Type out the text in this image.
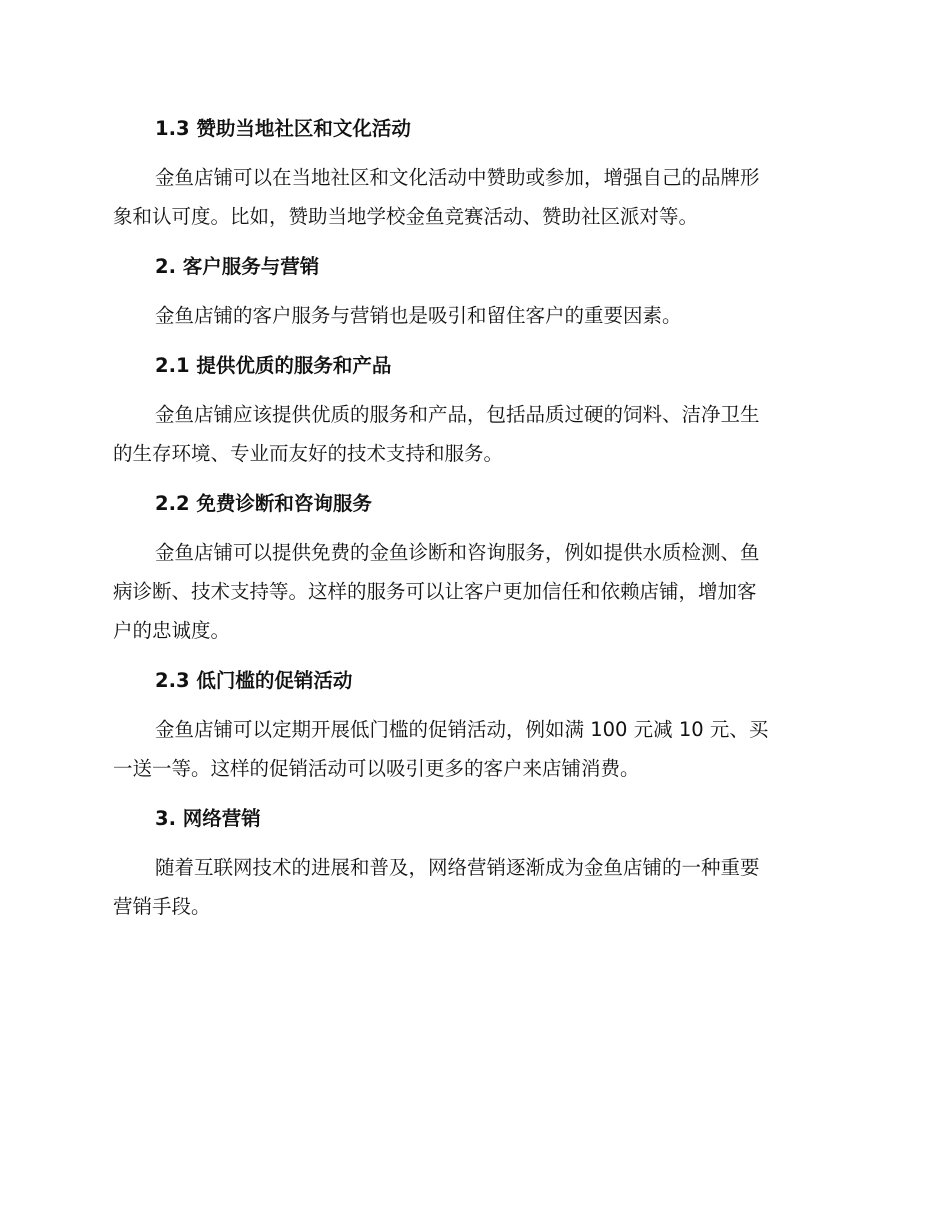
1.3 赞助当地社区和文化活动
金鱼店铺可以在当地社区和文化活动中赞助或参加，增强自己的品牌形
象和认可度。比如，赞助当地学校金鱼竞赛活动、赞助社区派对等。
2. 客户服务与营销
金鱼店铺的客户服务与营销也是吸引和留住客户的重要因素。
2.1 提供优质的服务和产品
金鱼店铺应该提供优质的服务和产品，包括品质过硬的饲料、洁净卫生
的生存环境、专业而友好的技术支持和服务。
2.2 免费诊断和咨询服务
金鱼店铺可以提供免费的金鱼诊断和咨询服务，例如提供水质检测、鱼
病诊断、技术支持等。这样的服务可以让客户更加信任和依赖店铺，增加客
户的忠诚度。
2.3 低门槛的促销活动
金鱼店铺可以定期开展低门槛的促销活动，例如满 100 元减 10 元、买
一送一等。这样的促销活动可以吸引更多的客户来店铺消费。
3. 网络营销
随着互联网技术的进展和普及，网络营销逐渐成为金鱼店铺的一种重要
营销手段。
